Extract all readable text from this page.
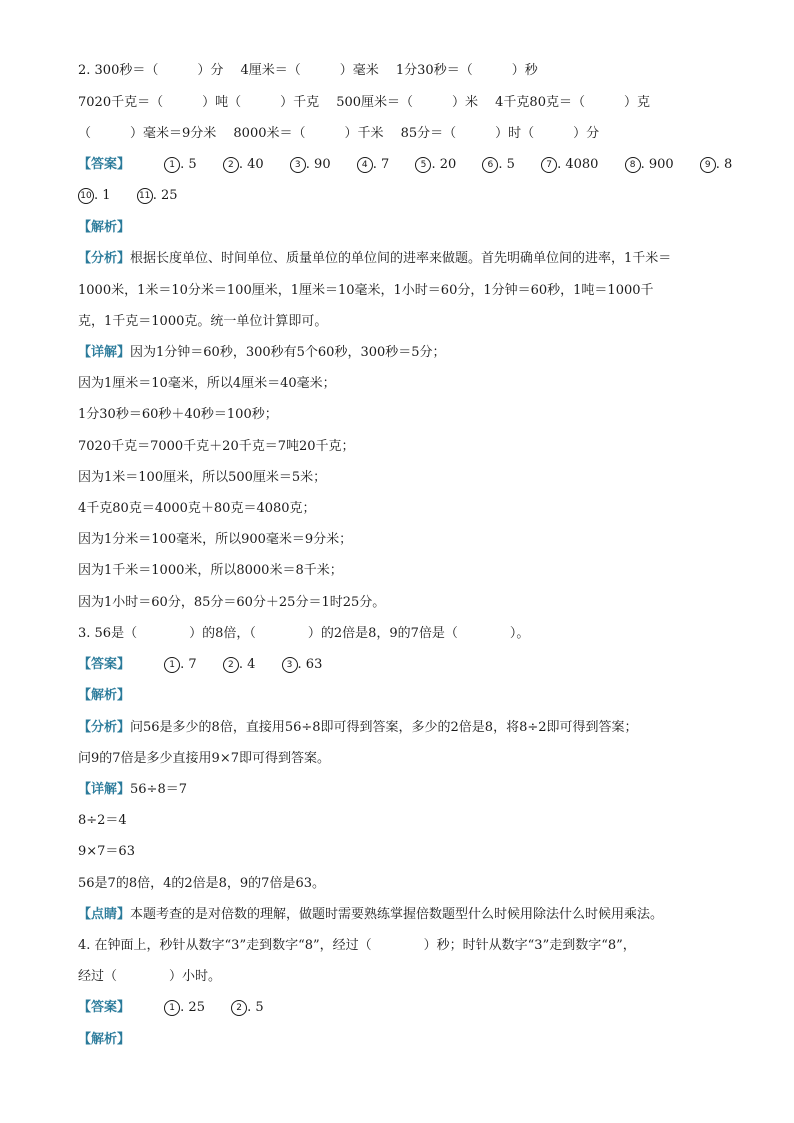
2. 300秒＝（　　　）分　 4厘米＝（　　　）毫米　 1分30秒＝（　　　）秒
7020千克＝（　　　）吨（　　　）千克　 500厘米＝（　　　）米　 4千克80克＝（　　　）克
（　　　）毫米＝9分米　 8000米＝（　　　）千米　 85分＝（　　　）时（　　　）分
【答案】	1 . 5	2 . 40	3 . 90	4 . 7	5 . 20	6 . 5	7 . 4080	8 . 900	9 . 8
10 . 1	11 . 25
【解析】
【分析】根据长度单位、时间单位、质量单位的单位间的进率来做题。首先明确单位间的进率，1千米＝
1000米，1米＝10分米＝100厘米，1厘米＝10毫米，1小时＝60分，1分钟＝60秒，1吨＝1000千
克，1千克＝1000克。统一单位计算即可。
【详解】因为1分钟＝60秒，300秒有5个60秒，300秒＝5分；
因为1厘米＝10毫米，所以4厘米＝40毫米；
1分30秒＝60秒＋40秒＝100秒；
7020千克＝7000千克＋20千克＝7吨20千克；
因为1米＝100厘米，所以500厘米＝5米；
4千克80克＝4000克＋80克＝4080克；
因为1分米＝100毫米，所以900毫米＝9分米；
因为1千米＝1000米，所以8000米＝8千米；
因为1小时＝60分，85分＝60分＋25分＝1时25分。
3. 56是（　　　　）的8倍，（　　　　）的2倍是8，9的7倍是（　　　　）。
【答案】	1 . 7	2 . 4	3 . 63
【解析】
【分析】问56是多少的8倍，直接用56÷8即可得到答案，多少的2倍是8，将8÷2即可得到答案；
问9的7倍是多少直接用9×7即可得到答案。
【详解】56÷8＝7
8÷2＝4
9×7＝63
56是7的8倍，4的2倍是8，9的7倍是63。
【点睛】本题考查的是对倍数的理解，做题时需要熟练掌握倍数题型什么时候用除法什么时候用乘法。
4. 在钟面上，秒针从数字“3”走到数字“8”，经过（　　　　）秒；时针从数字“3”走到数字“8”，
经过（　　　　）小时。
【答案】	1 . 25	2 . 5
【解析】
